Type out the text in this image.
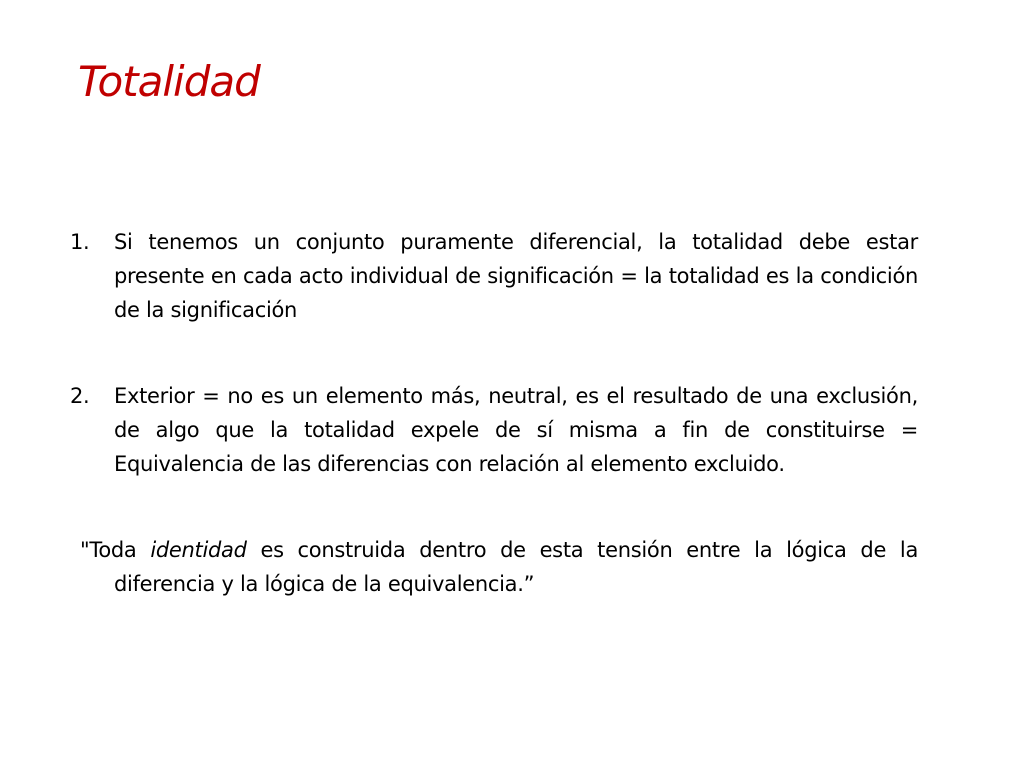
Totalidad
1. Si tenemos un conjunto puramente diferencial, la totalidad debe estar presente en cada acto individual de significación = la totalidad es la condición de la significación
2. Exterior = no es un elemento más, neutral, es el resultado de una exclusión, de algo que la totalidad expele de sí misma a fin de constituirse = Equivalencia de las diferencias con relación al elemento excluido.
"Toda identidad es construida dentro de esta tensión entre la lógica de la diferencia y la lógica de la equivalencia.”
